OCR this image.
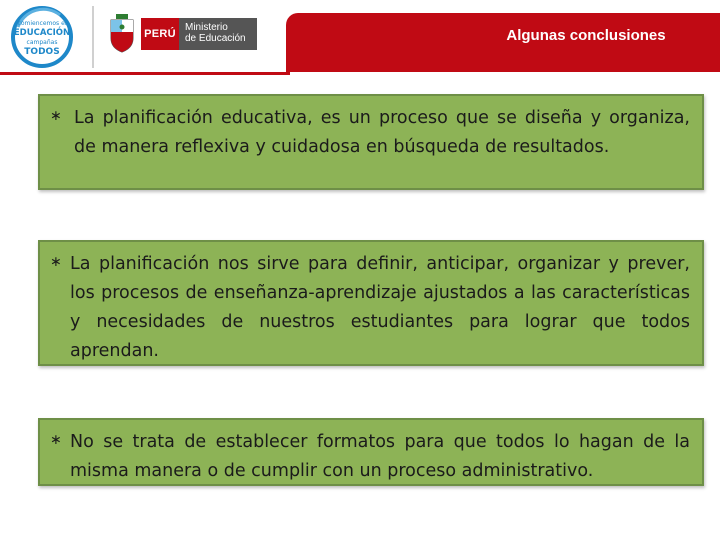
comiencemos el
EDUCACIÓN
campañas
TODOS
PERÚ
Ministerio
de Educación	Algunas conclusiones
∗ La planificación educativa, es un proceso que se diseña y organiza, de manera reflexiva y cuidadosa en búsqueda de resultados.
∗ La planificación nos sirve para definir, anticipar, organizar y prever, los procesos de enseñanza-aprendizaje ajustados a las características y necesidades de nuestros estudiantes para lograr que todos aprendan.
∗ No se trata de establecer formatos para que todos lo hagan de la misma manera o de cumplir con un proceso administrativo.
